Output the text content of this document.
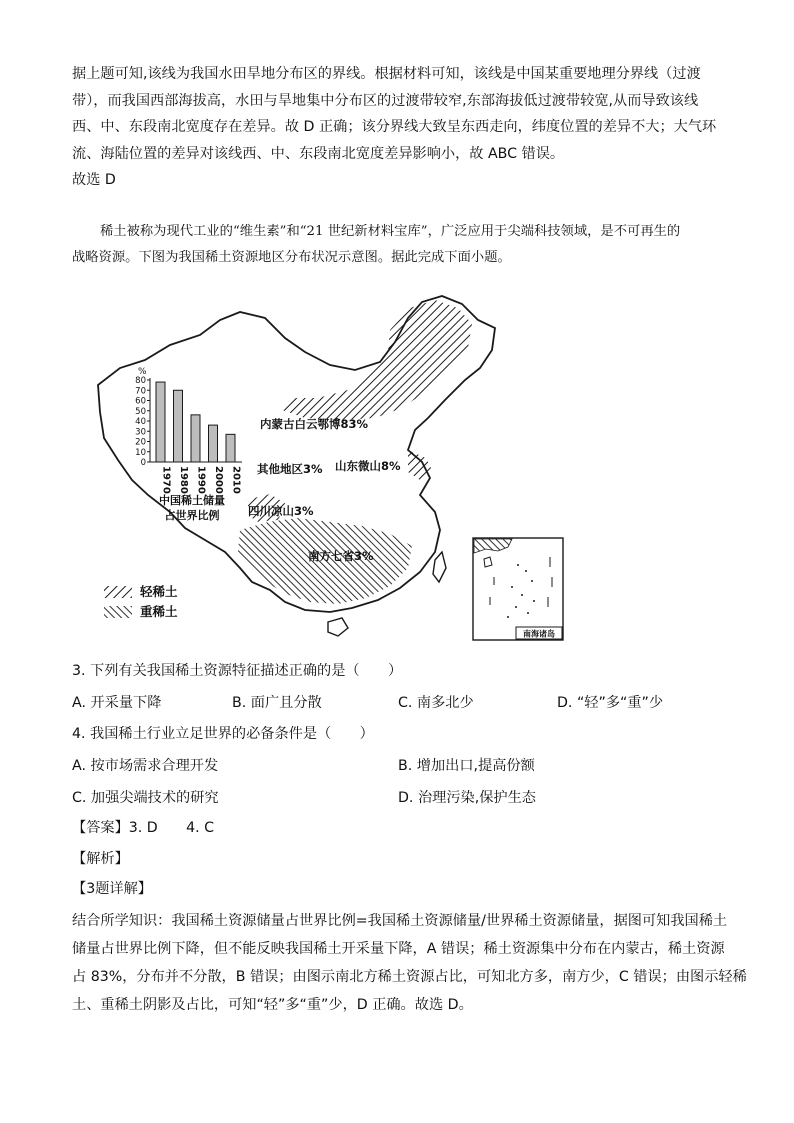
据上题可知,该线为我国水田旱地分布区的界线。根据材料可知，该线是中国某重要地理分界线（过渡
带），而我国西部海拔高，水田与旱地集中分布区的过渡带较窄,东部海拔低过渡带较宽,从而导致该线
西、中、东段南北宽度存在差异。故 D 正确；该分界线大致呈东西走向，纬度位置的差异不大；大气环
流、海陆位置的差异对该线西、中、东段南北宽度差异影响小，故 ABC 错误。
故选 D
稀土被称为现代工业的“维生素”和“21 世纪新材料宝库”，广泛应用于尖端科技领域，是不可再生的
战略资源。下图为我国稀土资源地区分布状况示意图。据此完成下面小题。
内蒙古白云鄂博83%
山东微山8%
其他地区3%
四川凉山3%
南方七省3%
%
0
10
20
30
40
50
60
70
80
1970 1980 1990 2000 2010
中国稀土储量
占世界比例
轻稀土
重稀土
南海诸岛
3. 下列有关我国稀土资源特征描述正确的是（　　）
A. 开采量下降	B. 面广且分散	C. 南多北少	D. “轻”多“重”少
4. 我国稀土行业立足世界的必备条件是（　　）
A. 按市场需求合理开发	B. 增加出口,提高份额
C. 加强尖端技术的研究	D. 治理污染,保护生态
【答案】3. D　　4. C
【解析】
【3题详解】
结合所学知识：我国稀土资源储量占世界比例=我国稀土资源储量/世界稀土资源储量，据图可知我国稀土
储量占世界比例下降，但不能反映我国稀土开采量下降，A 错误；稀土资源集中分布在内蒙古，稀土资源
占 83%，分布并不分散，B 错误；由图示南北方稀土资源占比，可知北方多，南方少，C 错误；由图示轻稀
土、重稀土阴影及占比，可知“轻”多“重”少，D 正确。故选 D。
